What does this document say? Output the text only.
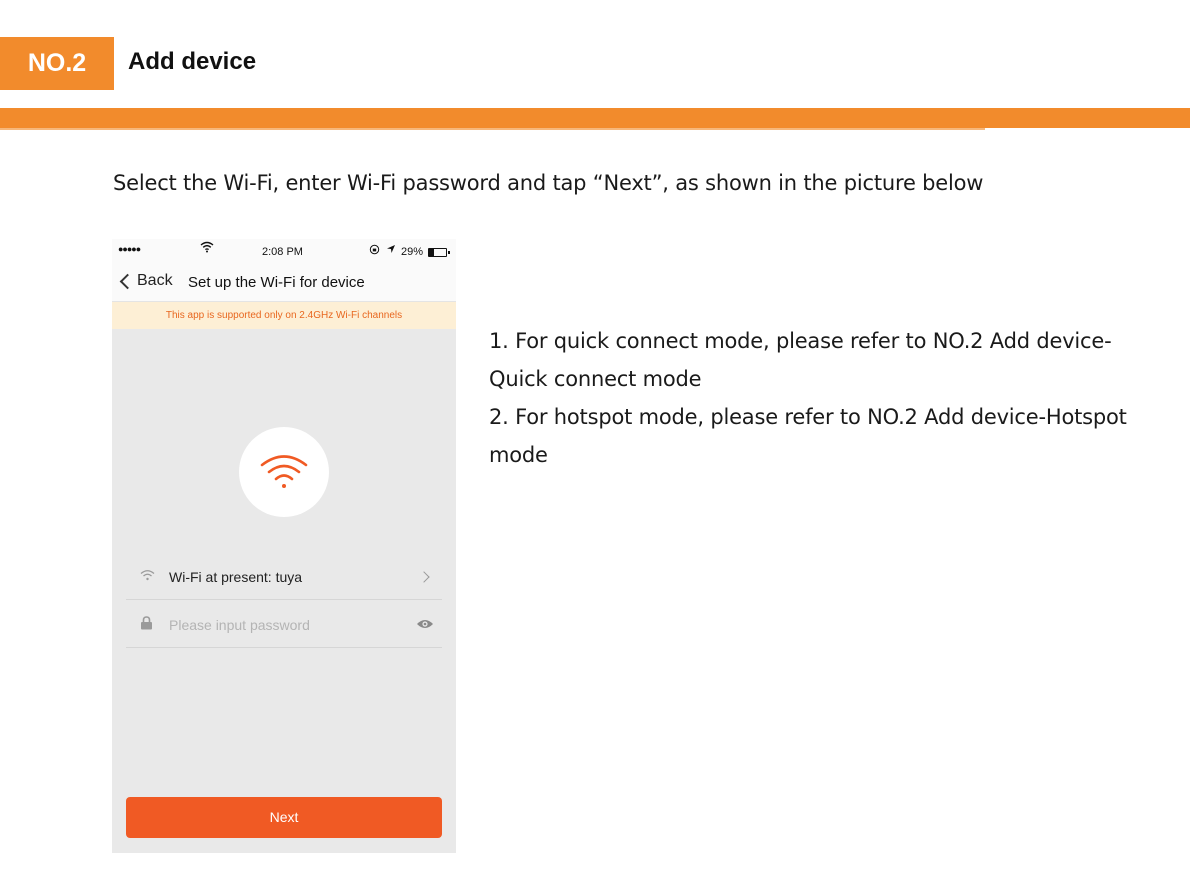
NO.2	Add device
Select the Wi-Fi, enter Wi-Fi password and tap “Next”, as shown in the picture below

1. For quick connect mode, please refer to NO.2 Add device-Quick connect mode

2. For hotspot mode, please refer to NO.2 Add device-Hotspot mode

●●●●●	2:08 PM	29%
Back Set up the Wi-Fi for device
This app is supported only on 2.4GHz Wi-Fi channels
Wi-Fi at present: tuya
Please input password
Next
